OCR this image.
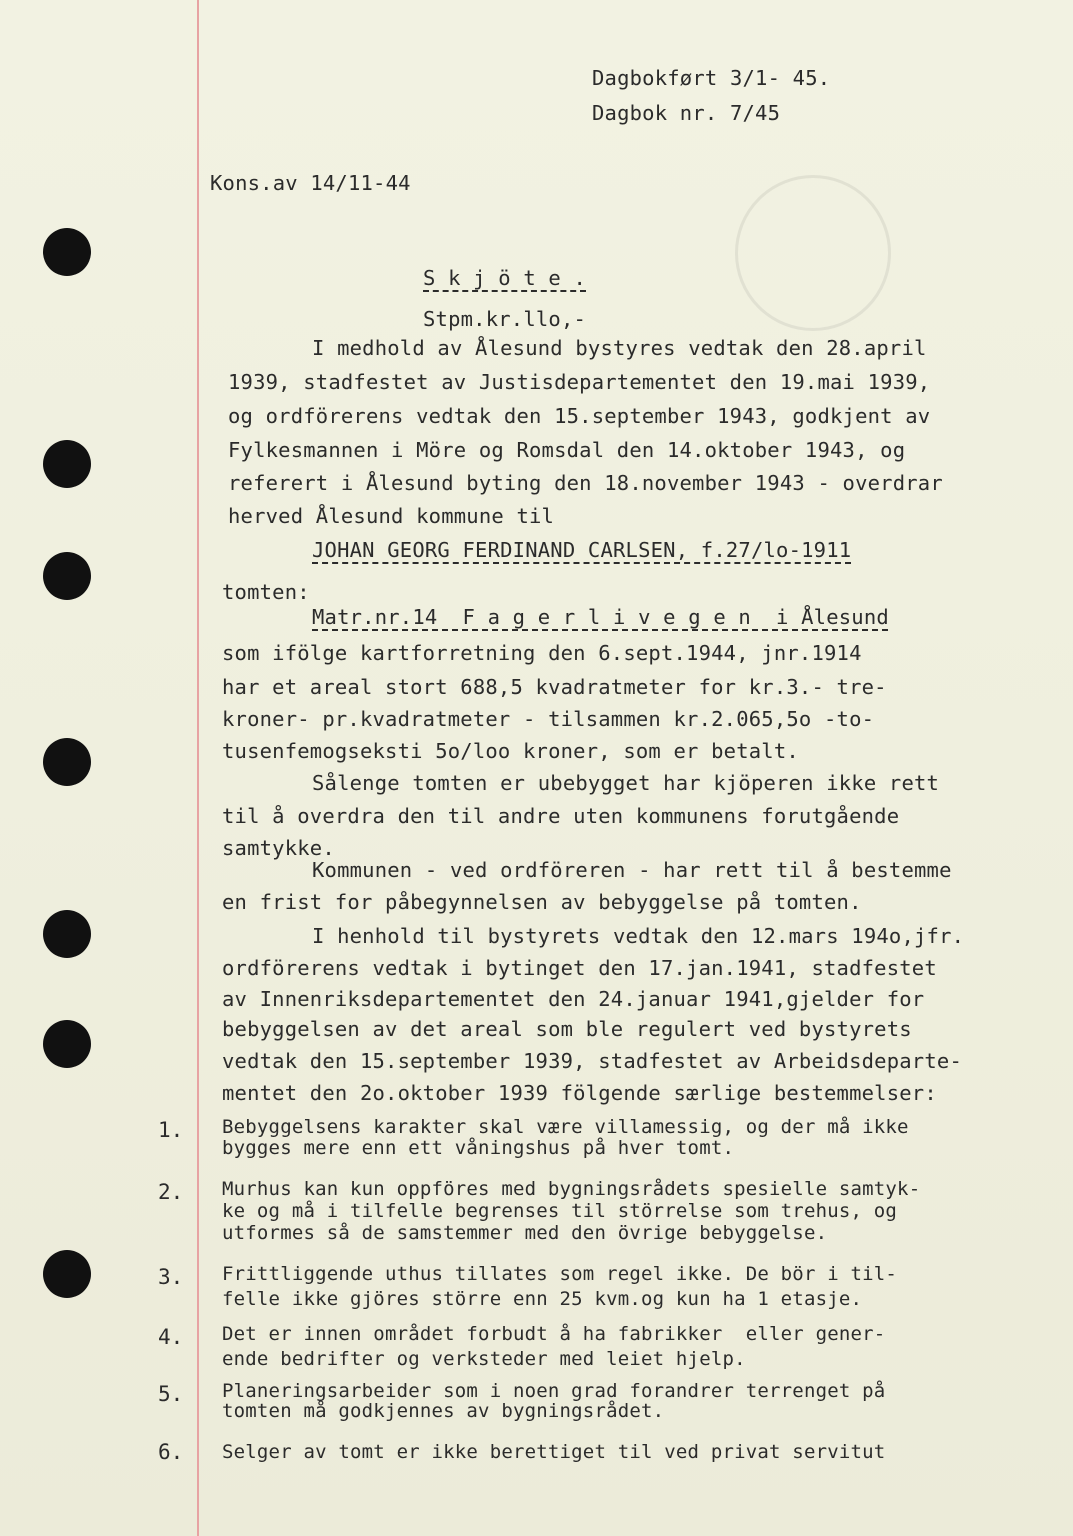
Dagbokført 3/1- 45.
Dagbok nr. 7/45
Kons.av 14/11-44
S k j ö t e .
Stpm.kr.llo,-
I medhold av Ålesund bystyres vedtak den 28.april
1939, stadfestet av Justisdepartementet den 19.mai 1939,
og ordförerens vedtak den 15.september 1943, godkjent av
Fylkesmannen i Möre og Romsdal den 14.oktober 1943, og
referert i Ålesund byting den 18.november 1943 - overdrar
herved Ålesund kommune til
JOHAN GEORG FERDINAND CARLSEN, f.27/lo-1911
tomten:
Matr.nr.14  F a g e r l i v e g e n  i Ålesund
som ifölge kartforretning den 6.sept.1944, jnr.1914
har et areal stort 688,5 kvadratmeter for kr.3.- tre-
kroner- pr.kvadratmeter - tilsammen kr.2.065,5o -to-
tusenfemogseksti 5o/loo kroner, som er betalt.
Sålenge tomten er ubebygget har kjöperen ikke rett
til å overdra den til andre uten kommunens forutgående
samtykke.
Kommunen - ved ordföreren - har rett til å bestemme
en frist for påbegynnelsen av bebyggelse på tomten.
I henhold til bystyrets vedtak den 12.mars 194o,jfr.
ordförerens vedtak i bytinget den 17.jan.1941, stadfestet
av Innenriksdepartementet den 24.januar 1941,gjelder for
bebyggelsen av det areal som ble regulert ved bystyrets
vedtak den 15.september 1939, stadfestet av Arbeidsdeparte-
mentet den 2o.oktober 1939 fölgende særlige bestemmelser:
1. Bebyggelsens karakter skal være villamessig, og der må ikke
bygges mere enn ett våningshus på hver tomt.
2. Murhus kan kun oppföres med bygningsrådets spesielle samtyk-
ke og må i tilfelle begrenses til störrelse som trehus, og
utformes så de samstemmer med den övrige bebyggelse.
3. Frittliggende uthus tillates som regel ikke. De bör i til-
felle ikke gjöres större enn 25 kvm.og kun ha 1 etasje.
4. Det er innen området forbudt å ha fabrikker  eller gener-
ende bedrifter og verksteder med leiet hjelp.
5. Planeringsarbeider som i noen grad forandrer terrenget på
tomten må godkjennes av bygningsrådet.
6. Selger av tomt er ikke berettiget til ved privat servitut
